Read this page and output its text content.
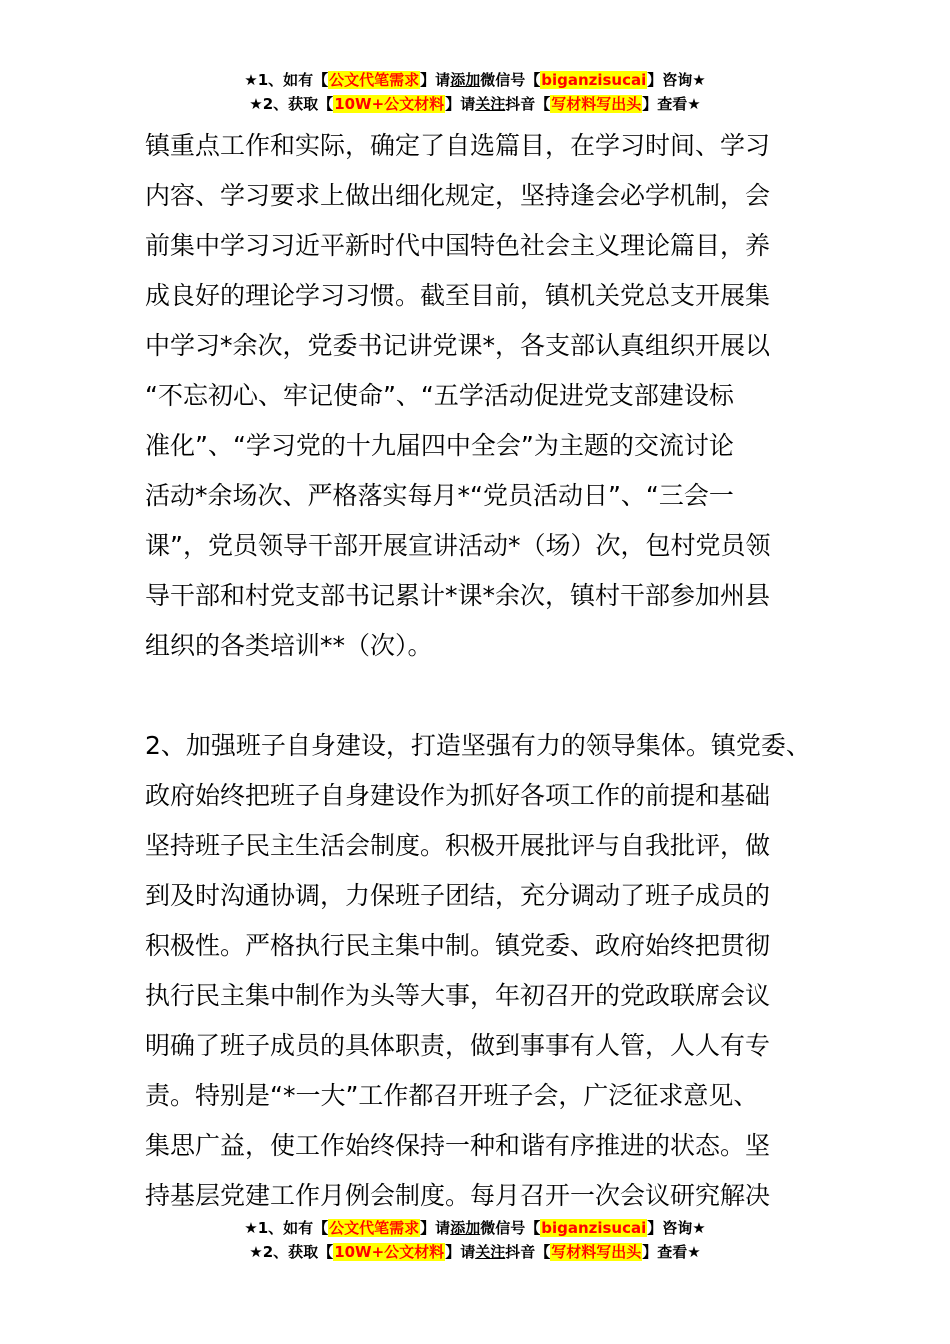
★1、如有【公文代笔需求】请添加微信号【biganzisucai】咨询★
★2、获取【10W+公文材料】请关注抖音【写材料写出头】查看★
镇重点工作和实际，确定了自选篇目，在学习时间、学习
内容、学习要求上做出细化规定，坚持逢会必学机制，会
前集中学习习近平新时代中国特色社会主义理论篇目，养
成良好的理论学习习惯。截至目前，镇机关党总支开展集
中学习*余次，党委书记讲党课*，各支部认真组织开展以
“不忘初心、牢记使命”、“五学活动促进党支部建设标
准化”、“学习党的十九届四中全会”为主题的交流讨论
活动*余场次、严格落实每月*“党员活动日”、“三会一
课”，党员领导干部开展宣讲活动*（场）次，包村党员领
导干部和村党支部书记累计*课*余次，镇村干部参加州县
组织的各类培训**（次）。
2、加强班子自身建设，打造坚强有力的领导集体。镇党委、
政府始终把班子自身建设作为抓好各项工作的前提和基础
坚持班子民主生活会制度。积极开展批评与自我批评，做
到及时沟通协调，力保班子团结，充分调动了班子成员的
积极性。严格执行民主集中制。镇党委、政府始终把贯彻
执行民主集中制作为头等大事，年初召开的党政联席会议
明确了班子成员的具体职责，做到事事有人管，人人有专
责。特别是“*一大”工作都召开班子会，广泛征求意见、
集思广益，使工作始终保持一种和谐有序推进的状态。坚
持基层党建工作月例会制度。每月召开一次会议研究解决
★1、如有【公文代笔需求】请添加微信号【biganzisucai】咨询★
★2、获取【10W+公文材料】请关注抖音【写材料写出头】查看★
